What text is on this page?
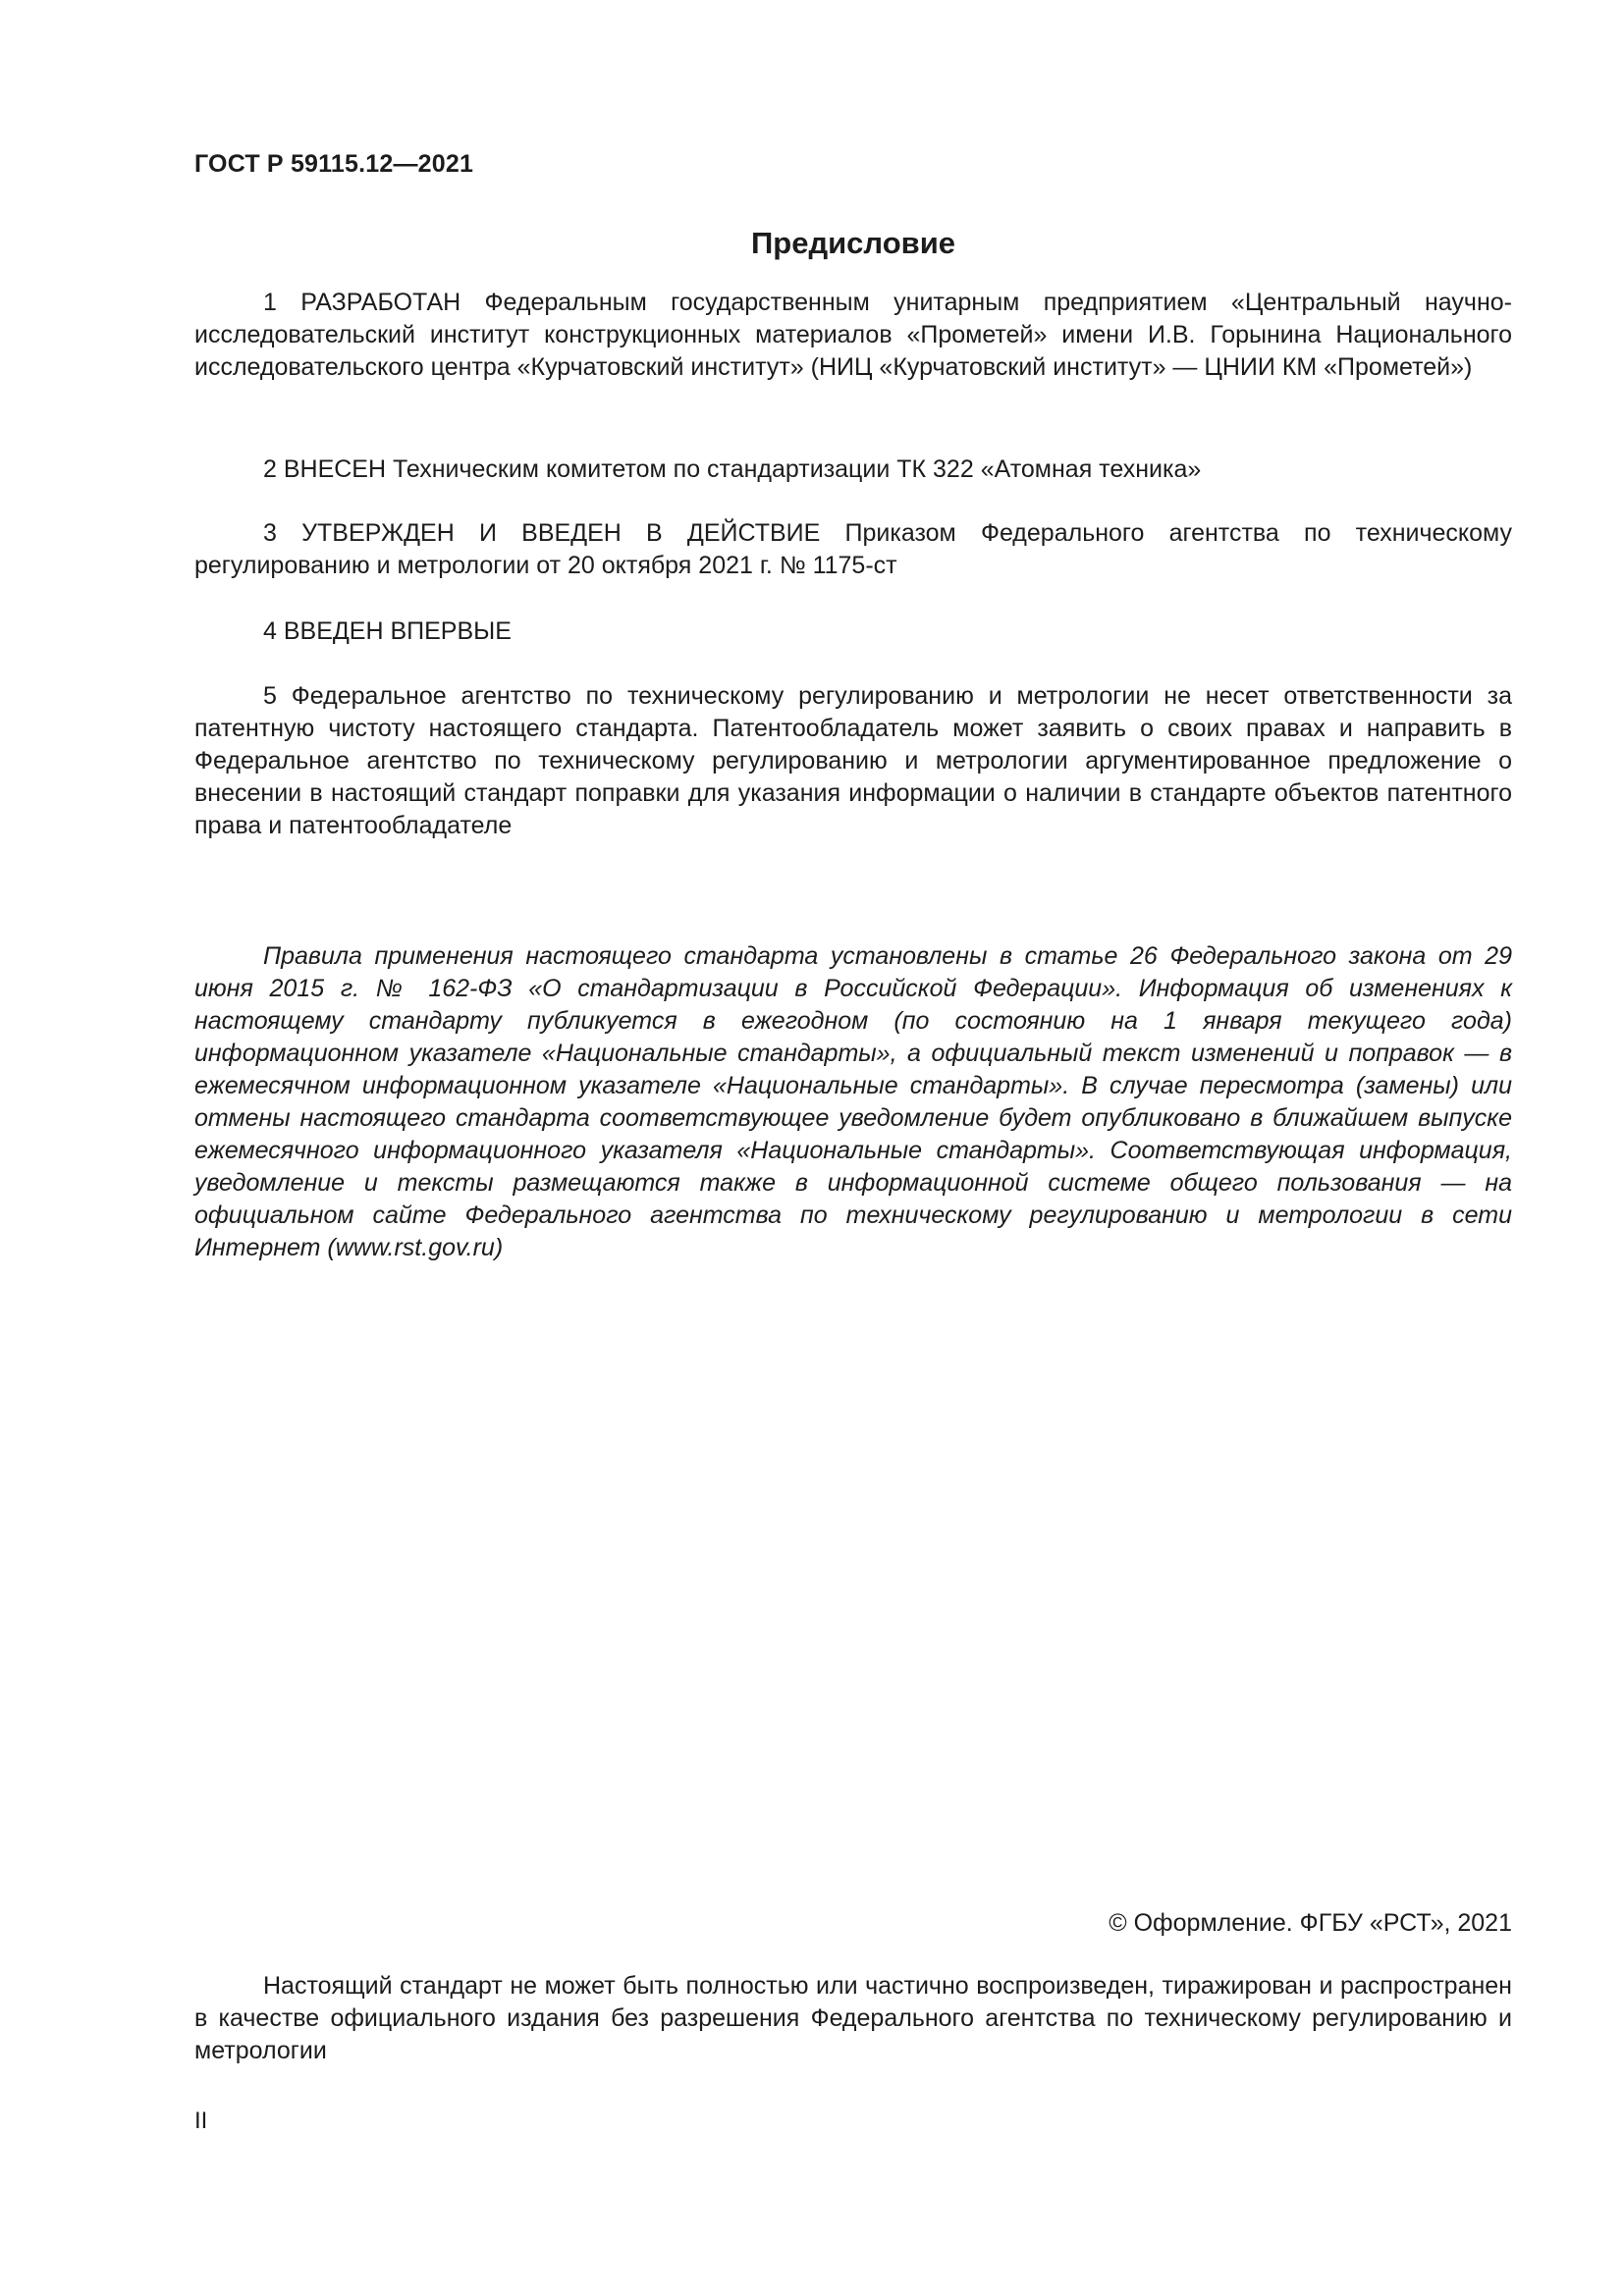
ГОСТ Р 59115.12—2021
Предисловие

1 РАЗРАБОТАН Федеральным государственным унитарным предприятием «Центральный научно-исследовательский институт конструкционных материалов «Прометей» имени И.В. Горынина Национального исследовательского центра «Курчатовский институт» (НИЦ «Курчатовский институт» — ЦНИИ КМ «Прометей»)

2 ВНЕСЕН Техническим комитетом по стандартизации ТК 322 «Атомная техника»

3 УТВЕРЖДЕН И ВВЕДЕН В ДЕЙСТВИЕ Приказом Федерального агентства по техническому регулированию и метрологии от 20 октября 2021 г. № 1175-ст

4 ВВЕДЕН ВПЕРВЫЕ

5 Федеральное агентство по техническому регулированию и метрологии не несет ответственности за патентную чистоту настоящего стандарта. Патентообладатель может заявить о своих правах и направить в Федеральное агентство по техническому регулированию и метрологии аргументированное предложение о внесении в настоящий стандарт поправки для указания информации о наличии в стандарте объектов патентного права и патентообладателе

Правила применения настоящего стандарта установлены в статье 26 Федерального закона от 29 июня 2015 г. № 162-ФЗ «О стандартизации в Российской Федерации». Информация об изменениях к настоящему стандарту публикуется в ежегодном (по состоянию на 1 января текущего года) информационном указателе «Национальные стандарты», а официальный текст изменений и поправок — в ежемесячном информационном указателе «Национальные стандарты». В случае пересмотра (замены) или отмены настоящего стандарта соответствующее уведомление будет опубликовано в ближайшем выпуске ежемесячного информационного указателя «Национальные стандарты». Соответствующая информация, уведомление и тексты размещаются также в информационной системе общего пользования — на официальном сайте Федерального агентства по техническому регулированию и метрологии в сети Интернет (www.rst.gov.ru)

© Оформление. ФГБУ «РСТ», 2021

Настоящий стандарт не может быть полностью или частично воспроизведен, тиражирован и распространен в качестве официального издания без разрешения Федерального агентства по техническому регулированию и метрологии

II
